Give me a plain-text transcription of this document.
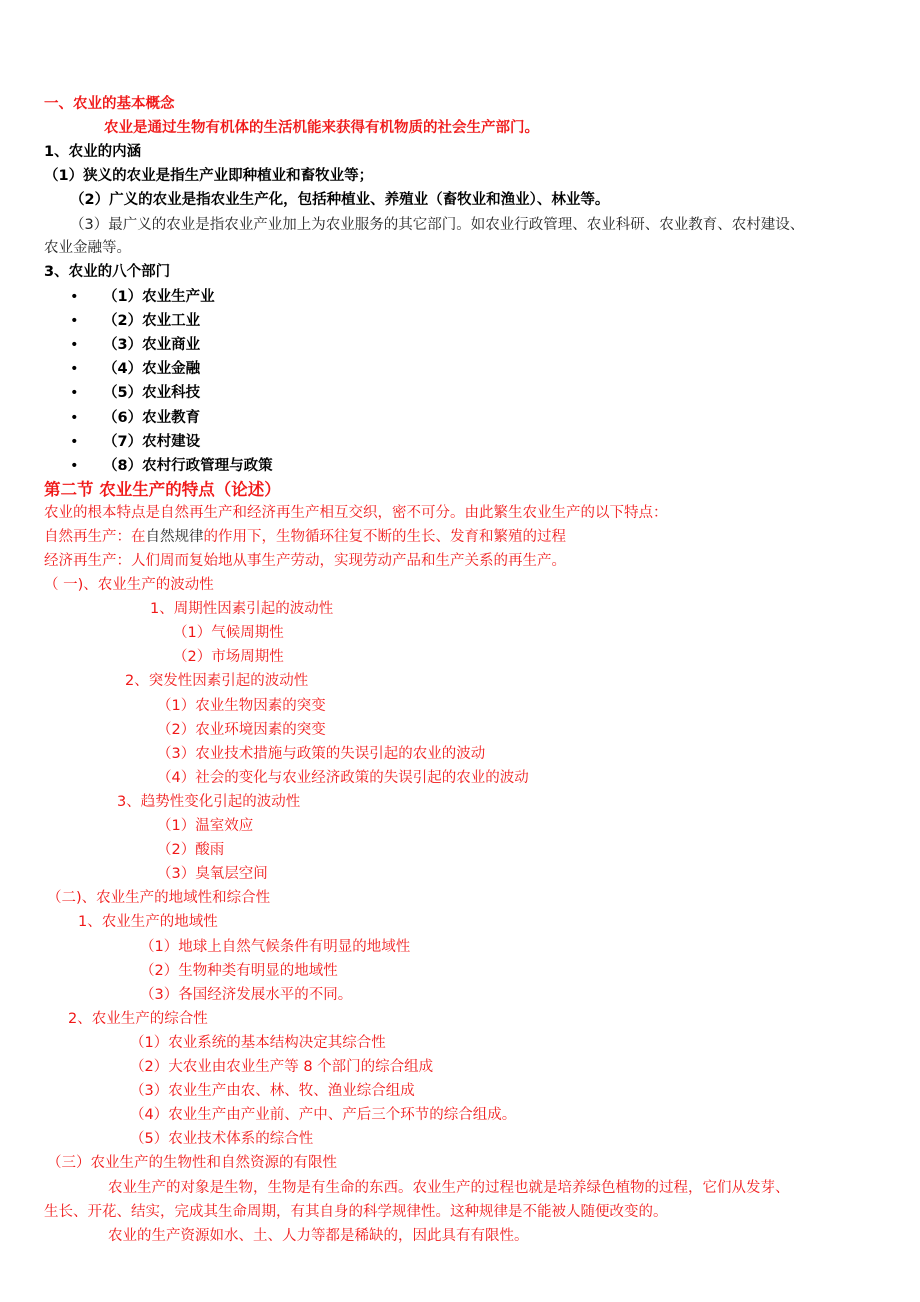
一、农业的基本概念
农业是通过生物有机体的生活机能来获得有机物质的社会生产部门。
1、农业的内涵
（1）狭义的农业是指生产业即种植业和畜牧业等；
（2）广义的农业是指农业生产化，包括种植业、养殖业（畜牧业和渔业）、林业等。
（3）最广义的农业是指农业产业加上为农业服务的其它部门。如农业行政管理、农业科研、农业教育、农村建设、
农业金融等。
3、农业的八个部门
• （1）农业生产业
• （2）农业工业
• （3）农业商业
• （4）农业金融
• （5）农业科技
• （6）农业教育
• （7）农村建设
• （8）农村行政管理与政策
第二节 农业生产的特点（论述）
农业的根本特点是自然再生产和经济再生产相互交织，密不可分。由此繁生农业生产的以下特点：
自然再生产：在自然规律的作用下，生物循环往复不断的生长、发育和繁殖的过程
经济再生产：人们周而复始地从事生产劳动，实现劳动产品和生产关系的再生产。
（ 一)、农业生产的波动性
1、周期性因素引起的波动性
（1）气候周期性
（2）市场周期性
2、突发性因素引起的波动性
（1）农业生物因素的突变
（2）农业环境因素的突变
（3）农业技术措施与政策的失误引起的农业的波动
（4）社会的变化与农业经济政策的失误引起的农业的波动
3、趋势性变化引起的波动性
（1）温室效应
（2）酸雨
（3）臭氧层空间
（二)、农业生产的地域性和综合性
1、农业生产的地域性
（1）地球上自然气候条件有明显的地域性
（2）生物种类有明显的地域性
（3）各国经济发展水平的不同。
2、农业生产的综合性
（1）农业系统的基本结构决定其综合性
（2）大农业由农业生产等 8 个部门的综合组成
（3）农业生产由农、林、牧、渔业综合组成
（4）农业生产由产业前、产中、产后三个环节的综合组成。
（5）农业技术体系的综合性
（三）农业生产的生物性和自然资源的有限性
农业生产的对象是生物，生物是有生命的东西。农业生产的过程也就是培养绿色植物的过程，它们从发芽、
生长、开花、结实，完成其生命周期，有其自身的科学规律性。这种规律是不能被人随便改变的。
农业的生产资源如水、土、人力等都是稀缺的，因此具有有限性。
